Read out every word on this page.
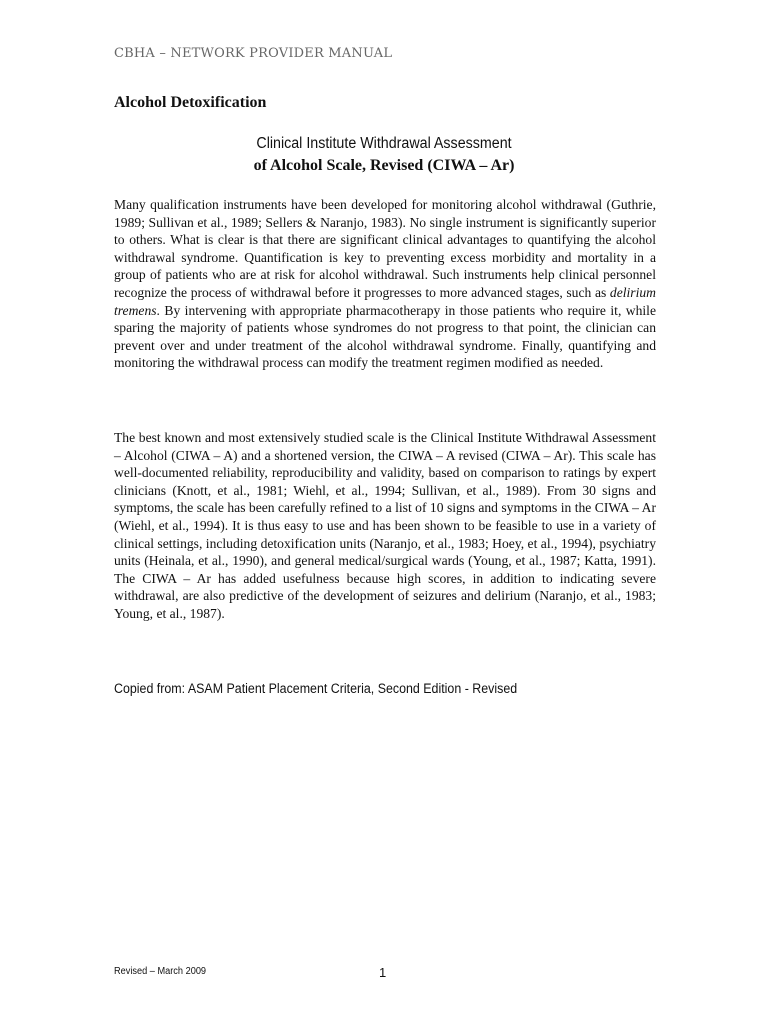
CBHA – NETWORK PROVIDER MANUAL
Alcohol Detoxification
Clinical Institute Withdrawal Assessment
of Alcohol Scale, Revised (CIWA – Ar)

Many qualification instruments have been developed for monitoring alcohol withdrawal (Guthrie, 1989; Sullivan et al., 1989; Sellers & Naranjo, 1983). No single instrument is significantly superior to others. What is clear is that there are significant clinical advantages to quantifying the alcohol withdrawal syndrome. Quantification is key to preventing excess morbidity and mortality in a group of patients who are at risk for alcohol withdrawal. Such instruments help clinical personnel recognize the process of withdrawal before it progresses to more advanced stages, such as delirium tremens. By intervening with appropriate pharmacotherapy in those patients who require it, while sparing the majority of patients whose syndromes do not progress to that point, the clinician can prevent over and under treatment of the alcohol withdrawal syndrome. Finally, quantifying and monitoring the withdrawal process can modify the treatment regimen modified as needed.

The best known and most extensively studied scale is the Clinical Institute Withdrawal Assessment – Alcohol (CIWA – A) and a shortened version, the CIWA – A revised (CIWA – Ar). This scale has well-documented reliability, reproducibility and validity, based on comparison to ratings by expert clinicians (Knott, et al., 1981; Wiehl, et al., 1994; Sullivan, et al., 1989). From 30 signs and symptoms, the scale has been carefully refined to a list of 10 signs and symptoms in the CIWA – Ar (Wiehl, et al., 1994). It is thus easy to use and has been shown to be feasible to use in a variety of clinical settings, including detoxification units (Naranjo, et al., 1983; Hoey, et al., 1994), psychiatry units (Heinala, et al., 1990), and general medical/surgical wards (Young, et al., 1987; Katta, 1991). The CIWA – Ar has added usefulness because high scores, in addition to indicating severe withdrawal, are also predictive of the development of seizures and delirium (Naranjo, et al., 1983; Young, et al., 1987).

Copied from: ASAM Patient Placement Criteria, Second Edition - Revised
Revised – March 2009	1
